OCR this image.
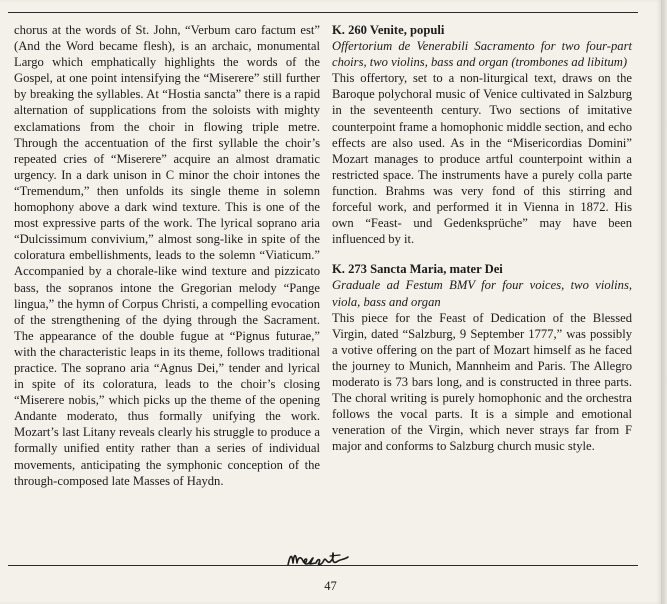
chorus at the words of St. John, “Verbum caro factum est” (And the Word became flesh), is an archaic, monumental Largo which emphatically highlights the words of the Gospel, at one point intensifying the “Miserere” still further by breaking the syllables. At “Hostia sancta” there is a rapid alternation of supplications from the soloists with mighty exclamations from the choir in flowing triple metre. Through the accentuation of the first syllable the choir’s repeated cries of “Miserere” acquire an almost dramatic urgency. In a dark unison in C minor the choir intones the “Tremendum,” then unfolds its single theme in solemn homophony above a dark wind texture. This is one of the most expressive parts of the work. The lyrical soprano aria “Dulcissimum convivium,” almost song-like in spite of the coloratura embellishments, leads to the solemn “Viaticum.” Accompanied by a chorale-like wind texture and pizzicato bass, the sopranos intone the Gregorian melody “Pange lingua,” the hymn of Corpus Christi, a compelling evocation of the strengthening of the dying through the Sacrament. The appearance of the double fugue at “Pignus futurae,” with the characteristic leaps in its theme, follows traditional practice. The soprano aria “Agnus Dei,” tender and lyrical in spite of its coloratura, leads to the choir’s closing “Miserere nobis,” which picks up the theme of the opening Andante moderato, thus formally unifying the work. Mozart’s last Litany reveals clearly his struggle to produce a formally unified entity rather than a series of individual movements, anticipating the symphonic conception of the through-composed late Masses of Haydn.

K. 260 Venite, populi

Offertorium de Venerabili Sacramento for two four-part choirs, two violins, bass and organ (trombones ad libitum)

This offertory, set to a non-liturgical text, draws on the Baroque polychoral music of Venice cultivated in Salzburg in the seventeenth century. Two sections of imitative counterpoint frame a homophonic middle section, and echo effects are also used. As in the “Misericordias Domini” Mozart manages to produce artful counterpoint within a restricted space. The instruments have a purely colla parte function. Brahms was very fond of this stirring and forceful work, and performed it in Vienna in 1872. His own “Feast- und Gedenksprüche” may have been influenced by it.

K. 273 Sancta Maria, mater Dei

Graduale ad Festum BMV for four voices, two violins, viola, bass and organ

This piece for the Feast of Dedication of the Blessed Virgin, dated “Salzburg, 9 September 1777,” was possibly a votive offering on the part of Mozart himself as he faced the journey to Munich, Mannheim and Paris. The Allegro moderato is 73 bars long, and is constructed in three parts. The choral writing is purely homophonic and the orchestra follows the vocal parts. It is a simple and emotional veneration of the Virgin, which never strays far from F major and conforms to Salzburg church music style.

47
